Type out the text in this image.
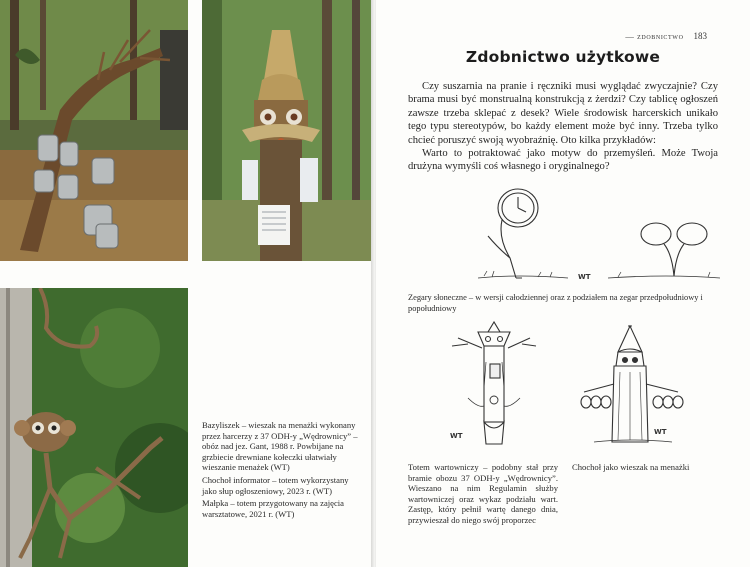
Bazyliszek – wieszak na menażki wykonany przez harcerzy z 37 ODH-y „Wędrownicy” – obóz nad jez. Gant, 1988 r. Powbijane na grzbiecie drewniane kołeczki ułatwiały wieszanie menażek (WT)

Chochoł informator – totem wykorzystany jako słup ogłoszeniowy, 2023 r. (WT)

Małpka – totem przygotowany na zajęcia warsztatowe, 2021 r. (WT)

— zdobnictwo 183
Zdobnictwo użytkowe

Czy suszarnia na pranie i ręczniki musi wyglądać zwyczajnie? Czy brama musi być monstrualną konstrukcją z żerdzi? Czy tablicę ogłoszeń zawsze trzeba sklepać z desek? Wiele środowisk harcerskich unikało tego typu stereotypów, bo każdy element może być inny. Trzeba tylko chcieć poruszyć swoją wyobraźnię. Oto kilka przykładów:

Warto to potraktować jako motyw do przemyśleń. Może Twoja drużyna wymyśli coś własnego i oryginalnego?

WT
Zegary słoneczne – w wersji całodziennej oraz z podziałem na zegar przedpołudniowy i popołudniowy
WT	WT
Totem wartowniczy – podobny stał przy bramie obozu 37 ODH-y „Wędrownicy”. Wieszano na nim Regulamin służby wartowniczej oraz wykaz podziału wart. Zastęp, który pełnił wartę danego dnia, przywieszał do niego swój proporzec
Chochoł jako wieszak na menażki
